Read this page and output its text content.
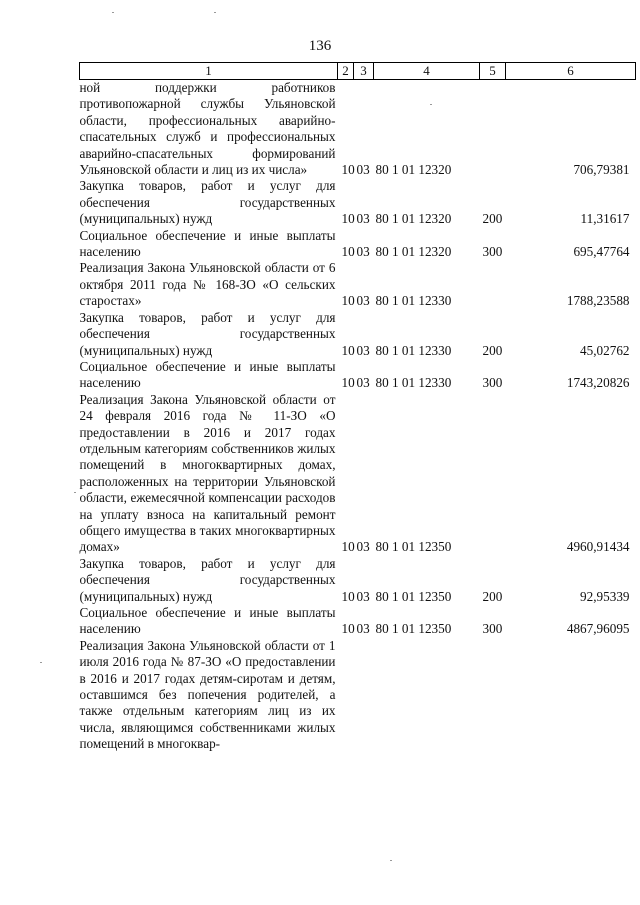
136
1	2	3	4	5	6
ной поддержки работников противопожарной службы Ульяновской области, профессиональных аварийно-спасательных служб и профессиональных аварийно-спасательных формирований Ульяновской области и лиц из их числа»	10	03	80 1 01 12320		706,79381
Закупка товаров, работ и услуг для обеспечения государственных (муниципальных) нужд	10	03	80 1 01 12320	200	11,31617
Социальное обеспечение и иные выплаты населению	10	03	80 1 01 12320	300	695,47764
Реализация Закона Ульяновской области от 6 октября 2011 года № 168-ЗО «О сельских старостах»	10	03	80 1 01 12330		1788,23588
Закупка товаров, работ и услуг для обеспечения государственных (муниципальных) нужд	10	03	80 1 01 12330	200	45,02762
Социальное обеспечение и иные выплаты населению	10	03	80 1 01 12330	300	1743,20826
Реализация Закона Ульяновской области от 24 февраля 2016 года № 11-ЗО «О предоставлении в 2016 и 2017 годах отдельным категориям собственников жилых помещений в многоквартирных домах, расположенных на территории Ульяновской области, ежемесячной компенсации расходов на уплату взноса на капитальный ремонт общего имущества в таких многоквартирных домах»	10	03	80 1 01 12350		4960,91434
Закупка товаров, работ и услуг для обеспечения государственных (муниципальных) нужд	10	03	80 1 01 12350	200	92,95339
Социальное обеспечение и иные выплаты населению	10	03	80 1 01 12350	300	4867,96095
Реализация Закона Ульяновской области от 1 июля 2016 года № 87-ЗО «О предоставлении в 2016 и 2017 годах детям-сиротам и детям, оставшимся без попечения родителей, а также отдельным категориям лиц из их числа, являющимся собственниками жилых помещений в многоквар-					
